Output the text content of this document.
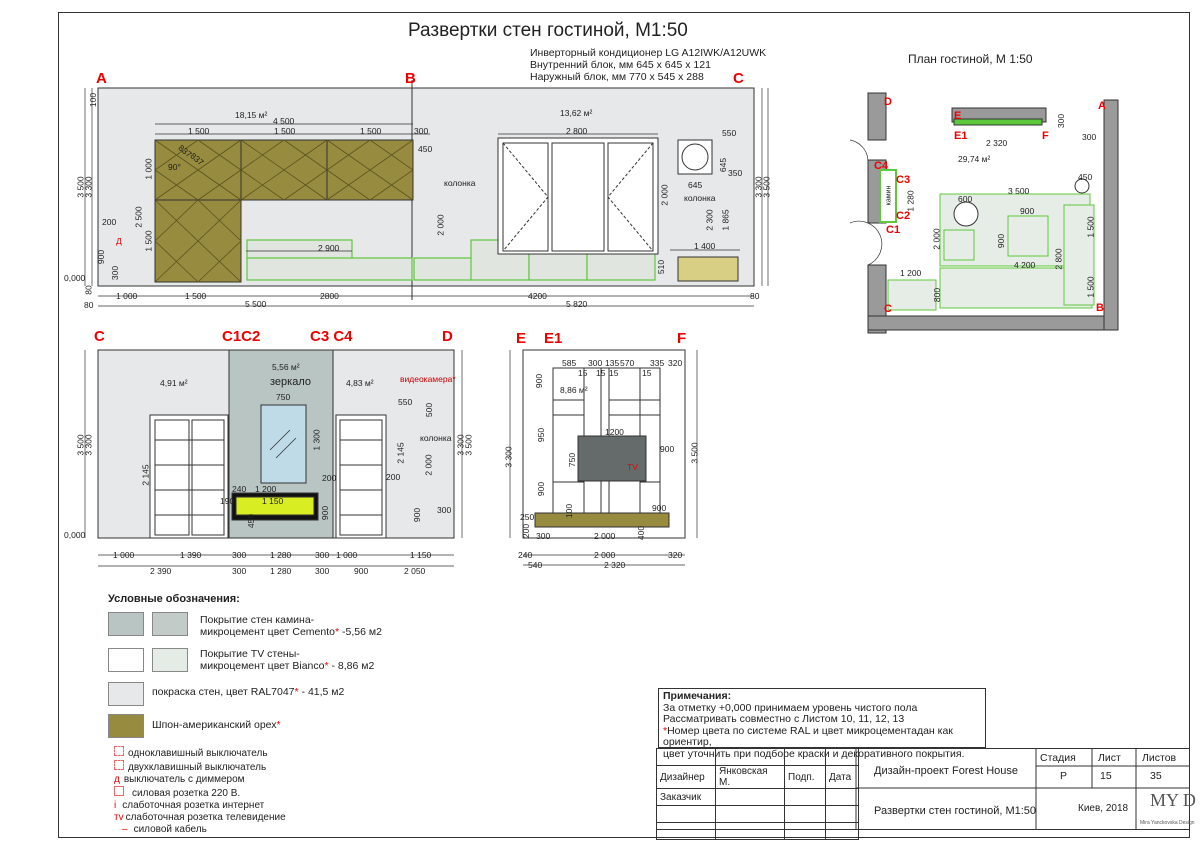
Развертки стен гостиной, М1:50
Инверторный кондиционер LG A12IWK/A12UWK
Внутренний блок, мм 645 х 645 х 121
Наружный блок, мм 770 х 545 х 288
План гостиной, М 1:50
A	B	C
18,15 м²	13,62 м²
4 500
1 500	1 500	1 500	300	2 800	550
450
колонка
колонка
90°
837
837
2 900	1 400
645
645
350
2 000
2 000
2 300 1 865
510
3 500
3 300	3 500
3 300
1 000
2 500
1 500
200
900
300
100
80
0,000
Д
1 000	1 500	2800	4200
80	5 500	5 820
80
C	C1C2	C3 C4	D
4,91 м²
5,56 м²
4,83 м²
зеркало
750
видеокамера*
550
500
колонка
1 300
2 145
2 145
2 000
1 200
1 150
240
200	200
300
900	900
190
450
3 500
3 300	3 300
3 500
0,000
1 000	1 390	300	1 280	300 1 000	1 150
2 390	300	1 280	300	900	2 050
E E1	F
8,86 м²
585 300 135 570 335 320
15 15 15	15
1200
900
950
900
900
900
750
100
400
250
200
TV
3 300	3 500
300	2 000
240	2 000	320
540	2 320
29,74 м²
2 320
300
300
3 500
600
900
900
4 200
1 200
2 000
800
1 500
1 500
2 800
450
1 280
камин
D	A
E
E1	F
C4
C3
C2
C1
C	B
Условные обозначения:
Покрытие стен камина-
микроцемент цвет Cemento* -5,56 м2
Покрытие TV стены-
микроцемент цвет Bianco* - 8,86 м2
покраска стен, цвет RAL7047* - 41,5 м2
Шпон-американский орех*
одноклавишный выключатель
двухклавишный выключатель
д выключатель с диммером
силовая розетка 220 В.
i слаботочная розетка интернет
тv слаботочная розетка телевидение
– силовой кабель
Примечания:
За отметку +0,000 принимаем уровень чистого пола
Рассматривать совместно с Листом 10, 11, 12, 13
*Номер цвета по системе RAL и цвет микроцементадан как ориентир,
цвет уточнить при подборе краски и декоративного покрытия.

Дизайнер	Янковская М.	Подп.	Дата
Заказчик			

Дизайн-проект Forest House
Развертки стен гостиной, М1:50
Стадия Лист Листов
Р	15	35
Киев, 2018 MY D
Mira Yanckovska Design
